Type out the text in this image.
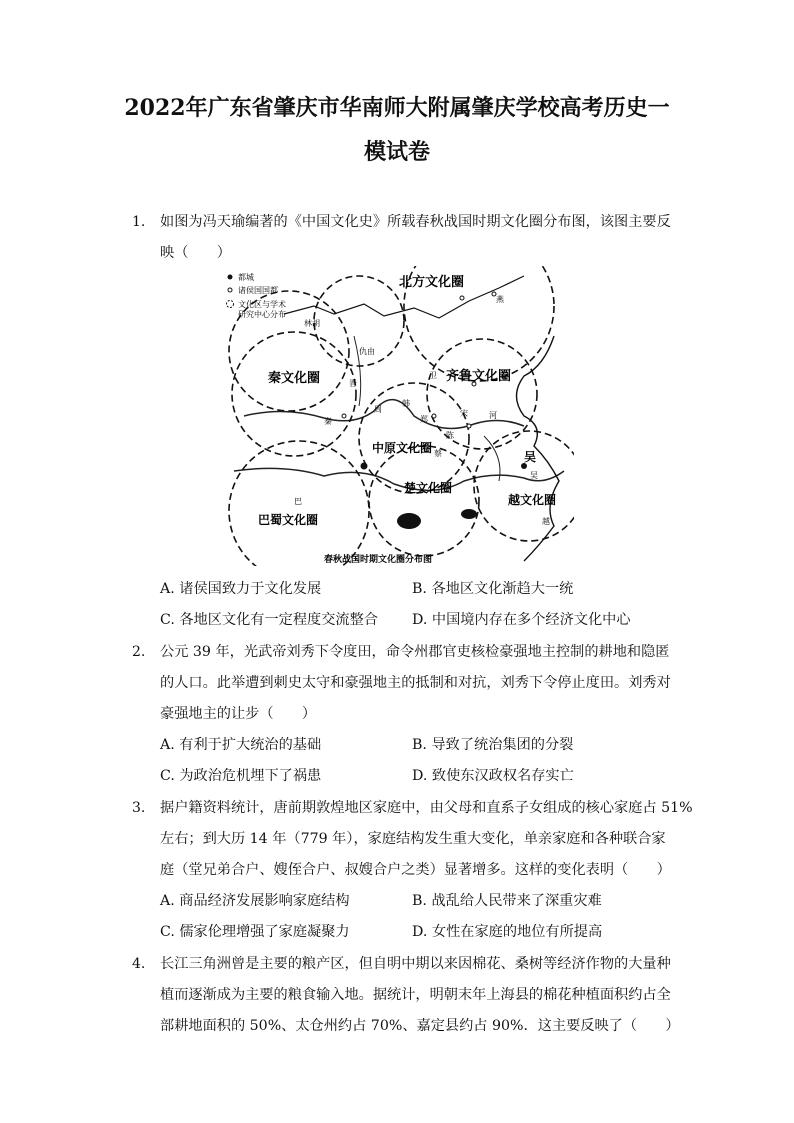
2022年广东省肇庆市华南师大附属肇庆学校高考历史一
模试卷
1. 如图为冯天瑜编著的《中国文化史》所载春秋战国时期文化圈分布图，该图主要反
映（　　）
都城
诸侯国国都
文化区与学术
研究中心分布
北方文化圈
秦文化圈	齐鲁文化圈
中原文化圈
楚文化圈
巴蜀文化圈
吴
越文化圈
林胡
仇由
巴
晋
卫
燕
秦
韩
周
郑
宋
陈
蔡
河
吴
越
春秋战国时期文化圈分布图
A. 诸侯国致力于文化发展	B. 各地区文化渐趋大一统
C. 各地区文化有一定程度交流整合 D. 中国境内存在多个经济文化中心
2. 公元 39 年，光武帝刘秀下令度田，命令州郡官吏核检豪强地主控制的耕地和隐匿
的人口。此举遭到刺史太守和豪强地主的抵制和对抗，刘秀下令停止度田。刘秀对
豪强地主的让步（　　）
A. 有利于扩大统治的基础	B. 导致了统治集团的分裂
C. 为政治危机埋下了祸患	D. 致使东汉政权名存实亡
3. 据户籍资料统计，唐前期敦煌地区家庭中，由父母和直系子女组成的核心家庭占 51%
左右；到大历 14 年（779 年），家庭结构发生重大变化，单亲家庭和各种联合家
庭（堂兄弟合户、嫂侄合户、叔嫂合户之类）显著增多。这样的变化表明（　　）
A. 商品经济发展影响家庭结构	B. 战乱给人民带来了深重灾难
C. 儒家伦理增强了家庭凝聚力	D. 女性在家庭的地位有所提高
4. 长江三角洲曾是主要的粮产区，但自明中期以来因棉花、桑树等经济作物的大量种
植而逐渐成为主要的粮食输入地。据统计，明朝末年上海县的棉花种植面积约占全
部耕地面积的 50%、太仓州约占 70%、嘉定县约占 90%．这主要反映了（　　）
